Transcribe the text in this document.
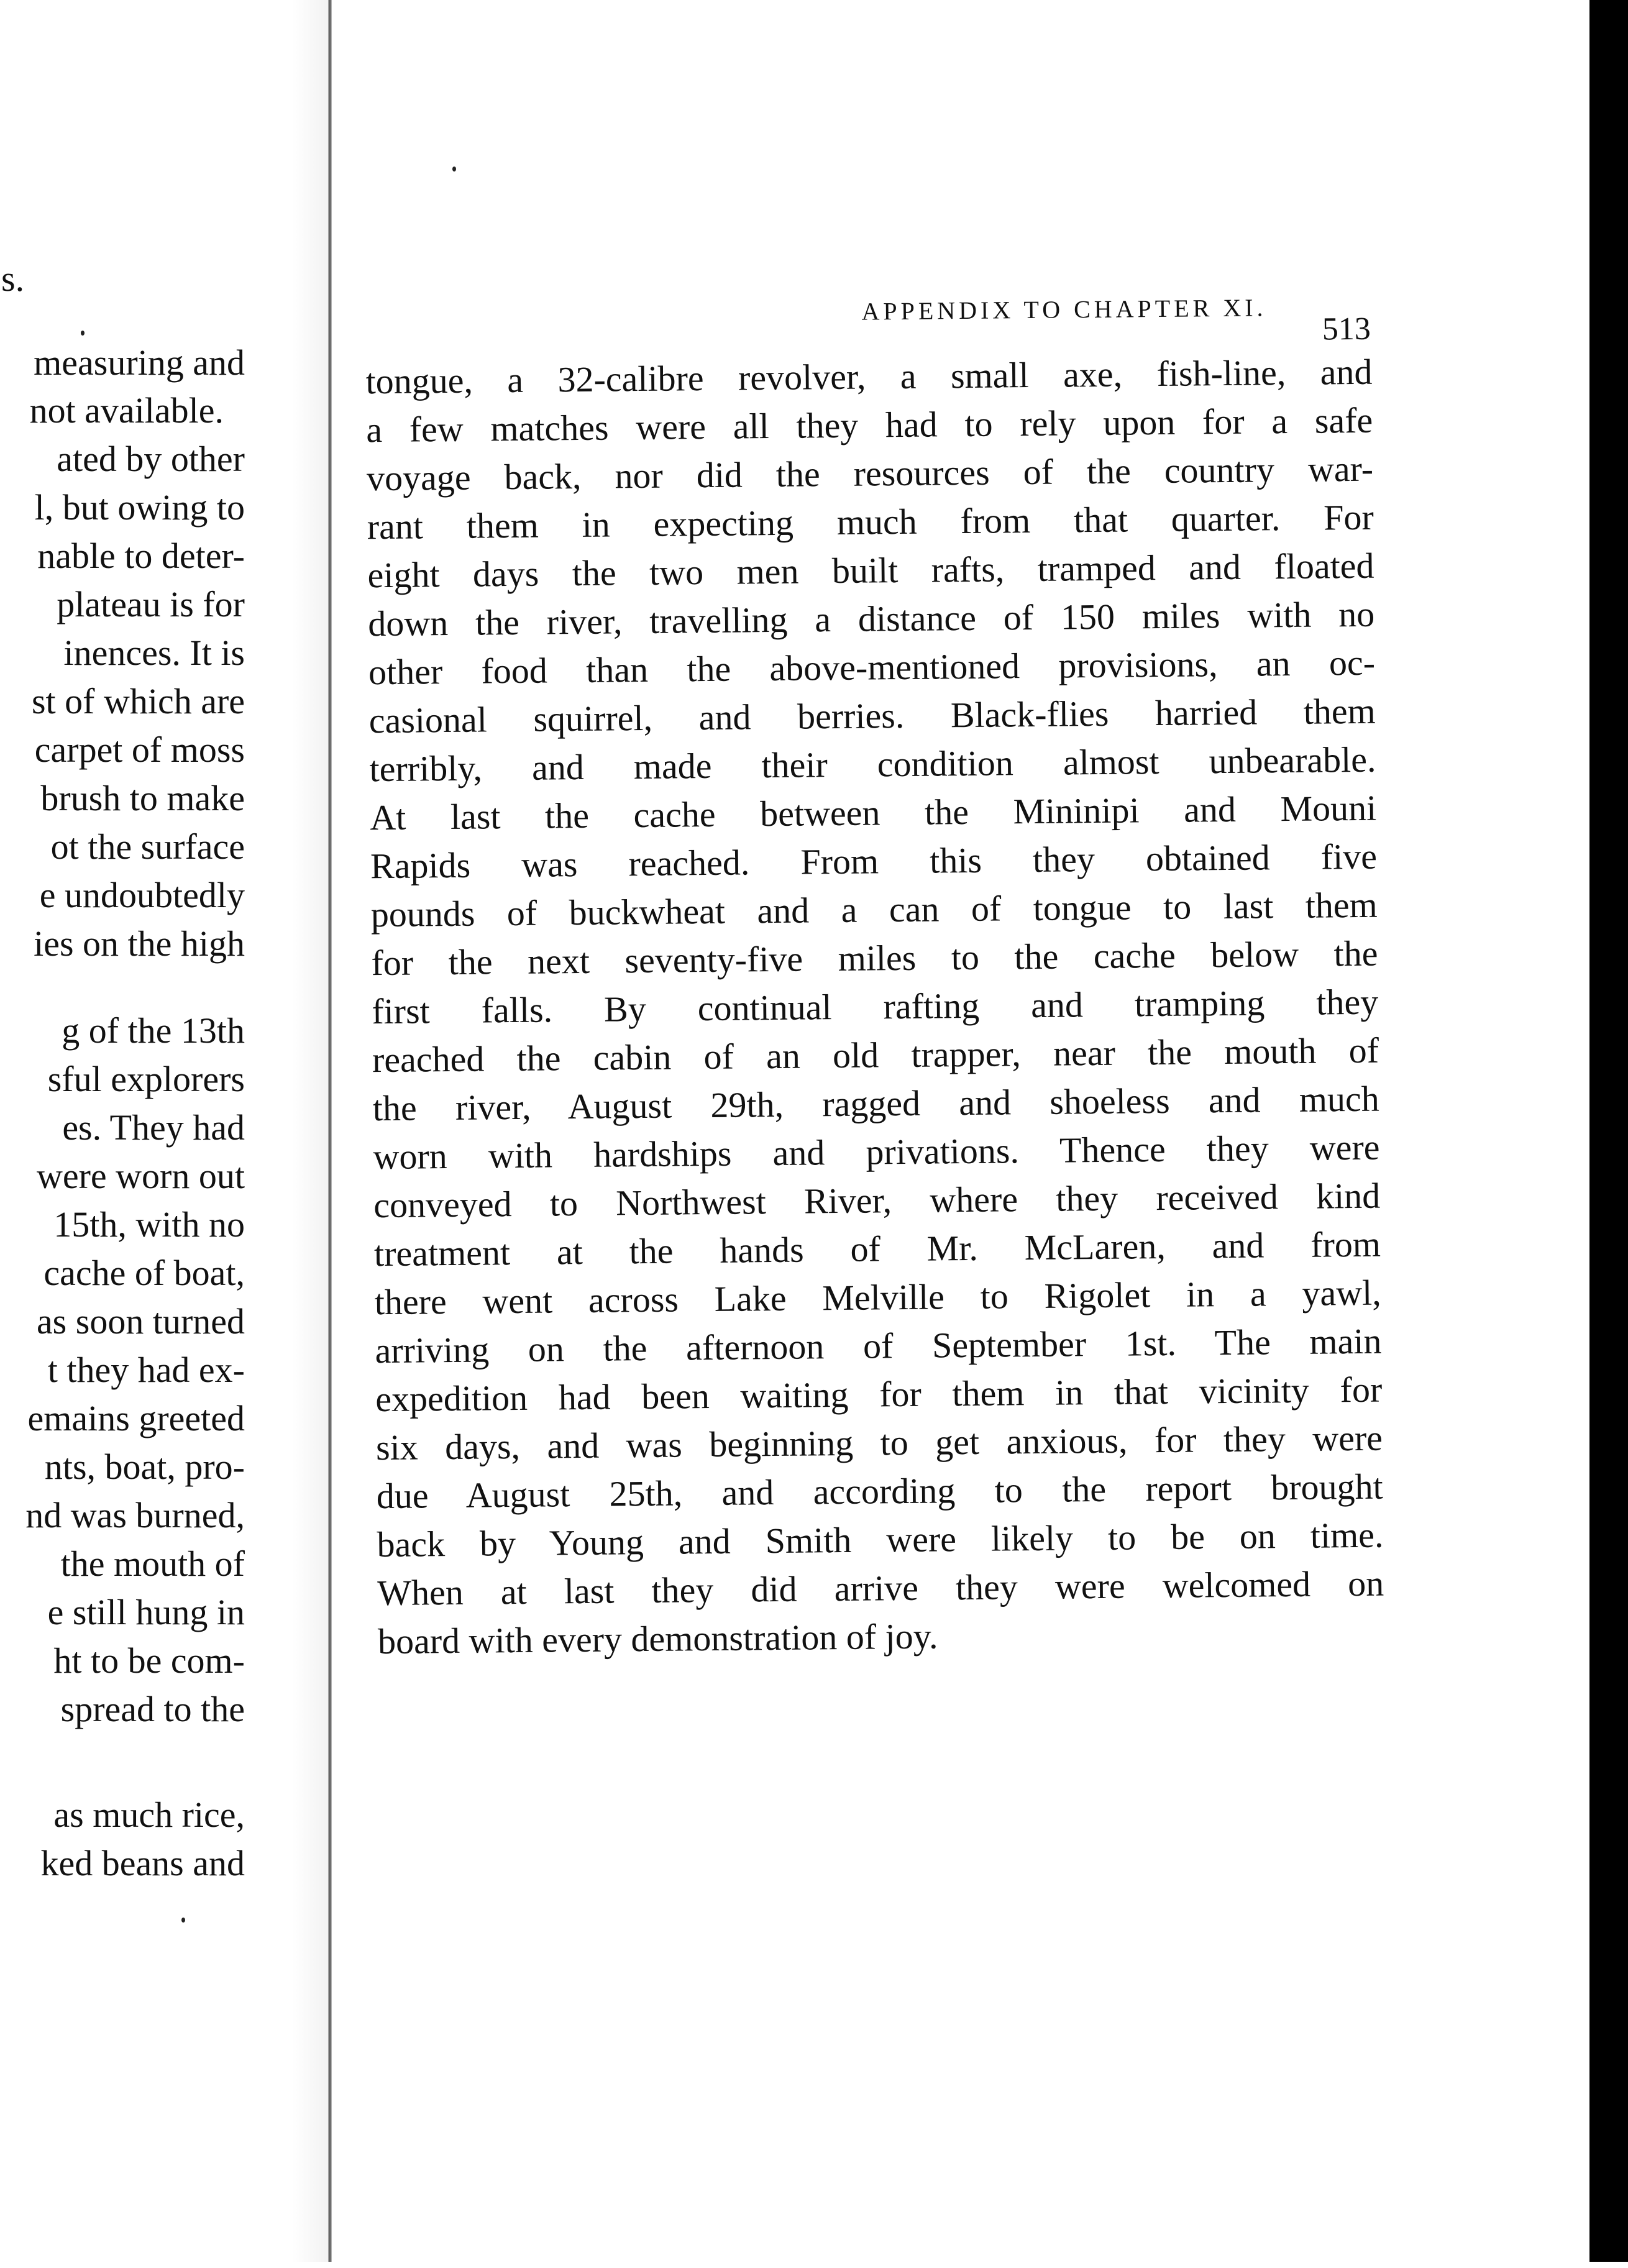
s.
measuring and
not available.
ated by other
l, but owing to
nable to deter-
plateau is for
inences. It is
st of which are
carpet of moss
brush to make
ot the surface
e undoubtedly
ies on the high
g of the 13th
sful explorers
es. They had
were worn out
15th, with no
cache of boat,
as soon turned
t they had ex-
emains greeted
nts, boat, pro-
nd was burned,
the mouth of
e still hung in
ht to be com-
spread to the
as much rice,
ked beans and
APPENDIX TO CHAPTER XI.
513
tongue, a 32-calibre revolver, a small axe, fish-line, and
a few matches were all they had to rely upon for a safe
voyage back, nor did the resources of the country war-
rant them in expecting much from that quarter. For
eight days the two men built rafts, tramped and floated
down the river, travelling a distance of 150 miles with no
other food than the above-mentioned provisions, an oc-
casional squirrel, and berries. Black-flies harried them
terribly, and made their condition almost unbearable.
At last the cache between the Mininipi and Mouni
Rapids was reached. From this they obtained five
pounds of buckwheat and a can of tongue to last them
for the next seventy-five miles to the cache below the
first falls. By continual rafting and tramping they
reached the cabin of an old trapper, near the mouth of
the river, August 29th, ragged and shoeless and much
worn with hardships and privations. Thence they were
conveyed to Northwest River, where they received kind
treatment at the hands of Mr. McLaren, and from
there went across Lake Melville to Rigolet in a yawl,
arriving on the afternoon of September 1st. The main
expedition had been waiting for them in that vicinity for
six days, and was beginning to get anxious, for they were
due August 25th, and according to the report brought
back by Young and Smith were likely to be on time.
When at last they did arrive they were welcomed on
board with every demonstration of joy.
